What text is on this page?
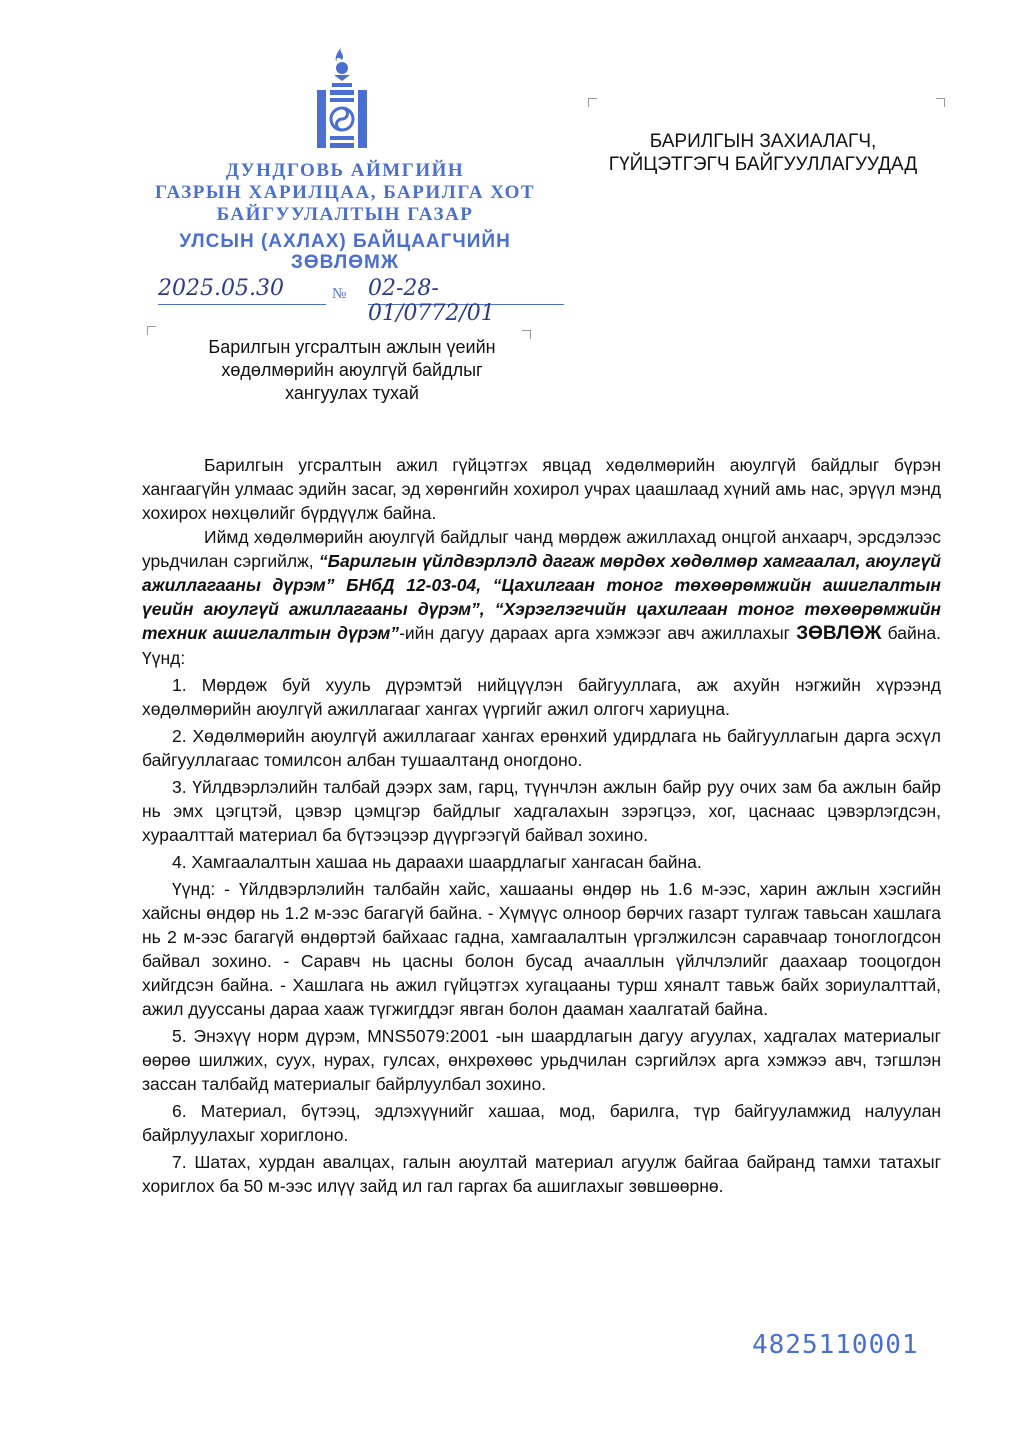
ДУНДГОВЬ АЙМГИЙН
ГАЗРЫН ХАРИЛЦАА, БАРИЛГА ХОТ
БАЙГУУЛАЛТЫН ГАЗАР
УЛСЫН (АХЛАХ) БАЙЦААГЧИЙН
ЗӨВЛӨМЖ
2025.05.30	№ 02-28-01/0772/01
БАРИЛГЫН ЗАХИАЛАГЧ,
ГҮЙЦЭТГЭГЧ БАЙГУУЛЛАГУУДАД
Барилгын угсралтын ажлын үеийн
хөдөлмөрийн аюулгүй байдлыг
хангуулах тухай

Барилгын угсралтын ажил гүйцэтгэх явцад хөдөлмөрийн аюулгүй байдлыг бүрэн хангаагүйн улмаас эдийн засаг, эд хөрөнгийн хохирол учрах цаашлаад хүний амь нас, эрүүл мэнд хохирох нөхцөлийг бүрдүүлж байна.

Иймд хөдөлмөрийн аюулгүй байдлыг чанд мөрдөж ажиллахад онцгой анхаарч, эрсдэлээс урьдчилан сэргийлж, “Барилгын үйлдвэрлэлд дагаж мөрдөх хөдөлмөр хамгаалал, аюулгүй ажиллагааны дүрэм” БНбД 12-03-04, “Цахилгаан тоног төхөөрөмжийн ашиглалтын үеийн аюулгүй ажиллагааны дүрэм”, “Хэрэглэгчийн цахилгаан тоног төхөөрөмжийн техник ашиглалтын дүрэм”-ийн дагуу дараах арга хэмжээг авч ажиллахыг ЗӨВЛӨЖ байна. Үүнд:

1. Мөрдөж буй хууль дүрэмтэй нийцүүлэн байгууллага, аж ахуйн нэгжийн хүрээнд хөдөлмөрийн аюулгүй ажиллагааг хангах үүргийг ажил олгогч хариуцна.

2. Хөдөлмөрийн аюулгүй ажиллагааг хангах ерөнхий удирдлага нь байгууллагын дарга эсхүл байгууллагаас томилсон албан тушаалтанд оногдоно.

3. Үйлдвэрлэлийн талбай дээрх зам, гарц, түүнчлэн ажлын байр руу очих зам ба ажлын байр нь эмх цэгцтэй, цэвэр цэмцгэр байдлыг хадгалахын зэрэгцээ, хог, цаснаас цэвэрлэгдсэн, хураалттай материал ба бүтээцээр дүүргээгүй байвал зохино.

4. Хамгаалалтын хашаа нь дараахи шаардлагыг хангасан байна.

Үүнд: - Үйлдвэрлэлийн талбайн хайс, хашааны өндөр нь 1.6 м-ээс, харин ажлын хэсгийн хайсны өндөр нь 1.2 м-ээс багагүй байна. - Хүмүүс олноор бөрчих газарт тулгаж тавьсан хашлага нь 2 м-ээс багагүй өндөртэй байхаас гадна, хамгаалалтын үргэлжилсэн саравчаар тоноглогдсон байвал зохино. - Саравч нь цасны болон бусад ачааллын үйлчлэлийг даахаар тооцогдон хийгдсэн байна. - Хашлага нь ажил гүйцэтгэх хугацааны турш хяналт тавьж байх зориулалттай, ажил дууссаны дараа хааж түгжигддэг явган болон дааман хаалгатай байна.

5. Энэхүү норм дүрэм, MNS5079:2001 -ын шаардлагын дагуу агуулах, хадгалах материалыг өөрөө шилжих, суух, нурах, гулсах, өнхрөхөөс урьдчилан сэргийлэх арга хэмжээ авч, тэгшлэн зассан талбайд материалыг байрлуулбал зохино.

6. Материал, бүтээц, эдлэхүүнийг хашаа, мод, барилга, түр байгууламжид налуулан байрлуулахыг хориглоно.

7. Шатах, хурдан авалцах, галын аюултай материал агуулж байгаа байранд тамхи татахыг хориглох ба 50 м-ээс илүү зайд ил гал гаргах ба ашиглахыг зөвшөөрнө.

4825110001
